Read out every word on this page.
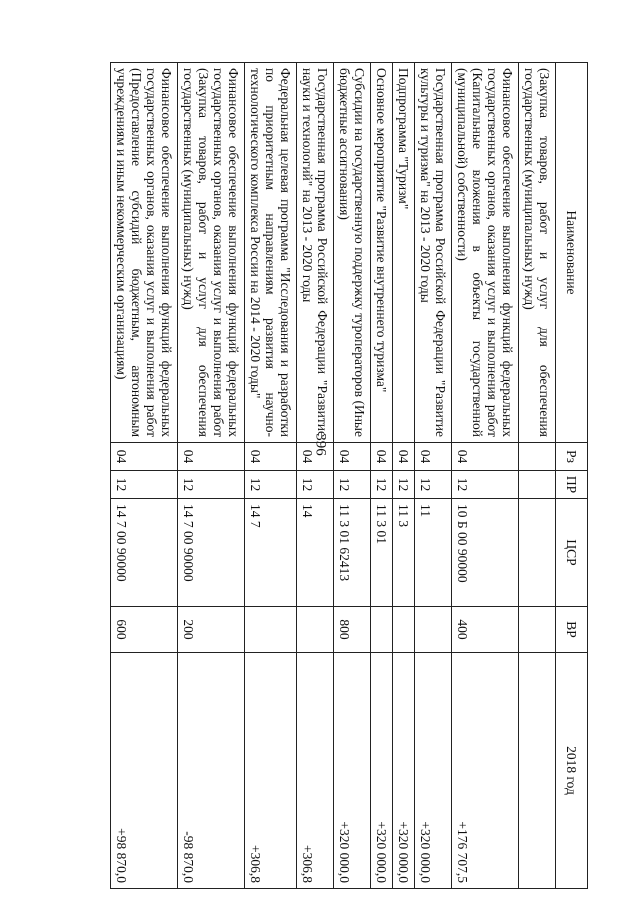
396
Наименование	Рз	ПР	ЦСР	ВР	2018 год
(Закупка товаров, работ и услуг для обеспечения государственных (муниципальных) нужд)					
Финансовое обеспечение выполнения функций федеральных государственных органов, оказания услуг и выполнения работ (Капитальные вложения в объекты государственной (муниципальной) собственности)	04	12	10 Б 00 90000	400	+176 707,5
Государственная программа Российской Федерации "Развитие культуры и туризма" на 2013 - 2020 годы	04	12	11		+320 000,0
Подпрограмма "Туризм"	04	12	11 3		+320 000,0
Основное мероприятие "Развитие внутреннего туризма"	04	12	11 3 01		+320 000,0
Субсидии на государственную поддержку туроператоров (Иные бюджетные ассигнования)	04	12	11 3 01 62413	800	+320 000,0
Государственная программа Российской Федерации "Развитие науки и технологий" на 2013 - 2020 годы	04	12	14		+306,8
Федеральная целевая программа "Исследования и разработки по приоритетным направлениям развития научно-технологического комплекса России на 2014 - 2020 годы"	04	12	14 7		+306,8
Финансовое обеспечение выполнения функций федеральных государственных органов, оказания услуг и выполнения работ (Закупка товаров, работ и услуг для обеспечения государственных (муниципальных) нужд)	04	12	14 7 00 90000	200	-98 870,0
Финансовое обеспечение выполнения функций федеральных государственных органов, оказания услуг и выполнения работ (Предоставление субсидий бюджетным, автономным учреждениям и иным некоммерческим организациям)	04	12	14 7 00 90000	600	+98 870,0
